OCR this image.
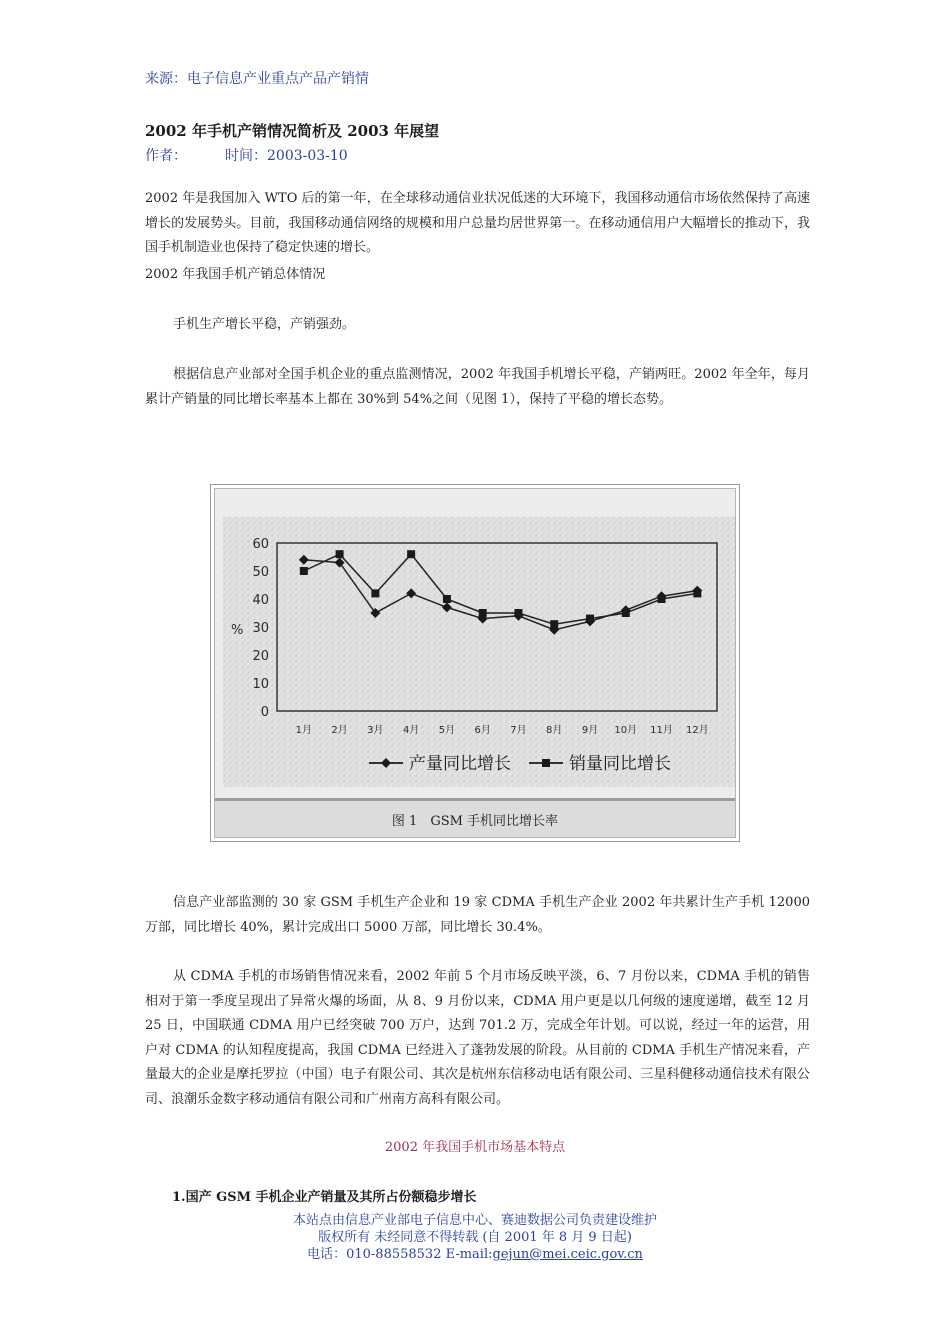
来源：电子信息产业重点产品产销情
2002 年手机产销情况简析及 2003 年展望
作者：	时间：2003-03-10

2002 年是我国加入 WTO 后的第一年，在全球移动通信业状况低迷的大环境下，我国移动通信市场依然保持了高速增长的发展势头。目前，我国移动通信网络的规模和用户总量均居世界第一。在移动通信用户大幅增长的推动下，我国手机制造业也保持了稳定快速的增长。

2002 年我国手机产销总体情况

手机生产增长平稳，产销强劲。

根据信息产业部对全国手机企业的重点监测情况，2002 年我国手机增长平稳，产销两旺。2002 年全年，每月累计产销量的同比增长率基本上都在 30%到 54%之间（见图 1），保持了平稳的增长态势。

0
10
20
30
40
50
60
1月 2月 3月 4月 5月 6月 7月 8月 9月 10月 11月 12月
%
产量同比增长	销量同比增长
图 1　GSM 手机同比增长率

信息产业部监测的 30 家 GSM 手机生产企业和 19 家 CDMA 手机生产企业 2002 年共累计生产手机 12000 万部，同比增长 40%，累计完成出口 5000 万部，同比增长 30.4%。

从 CDMA 手机的市场销售情况来看，2002 年前 5 个月市场反映平淡，6、7 月份以来，CDMA 手机的销售相对于第一季度呈现出了异常火爆的场面，从 8、9 月份以来，CDMA 用户更是以几何级的速度递增，截至 12 月 25 日，中国联通 CDMA 用户已经突破 700 万户，达到 701.2 万，完成全年计划。可以说，经过一年的运营，用户对 CDMA 的认知程度提高，我国 CDMA 已经进入了蓬勃发展的阶段。从目前的 CDMA 手机生产情况来看，产量最大的企业是摩托罗拉（中国）电子有限公司、其次是杭州东信移动电话有限公司、三星科健移动通信技术有限公司、浪潮乐金数字移动通信有限公司和广州南方高科有限公司。

2002 年我国手机市场基本特点
1.国产 GSM 手机企业产销量及其所占份额稳步增长
本站点由信息产业部电子信息中心、赛迪数据公司负责建设维护
版权所有 未经同意不得转载 (自 2001 年 8 月 9 日起)
电话：010-88558532 E-mail:gejun@mei.ceic.gov.cn
